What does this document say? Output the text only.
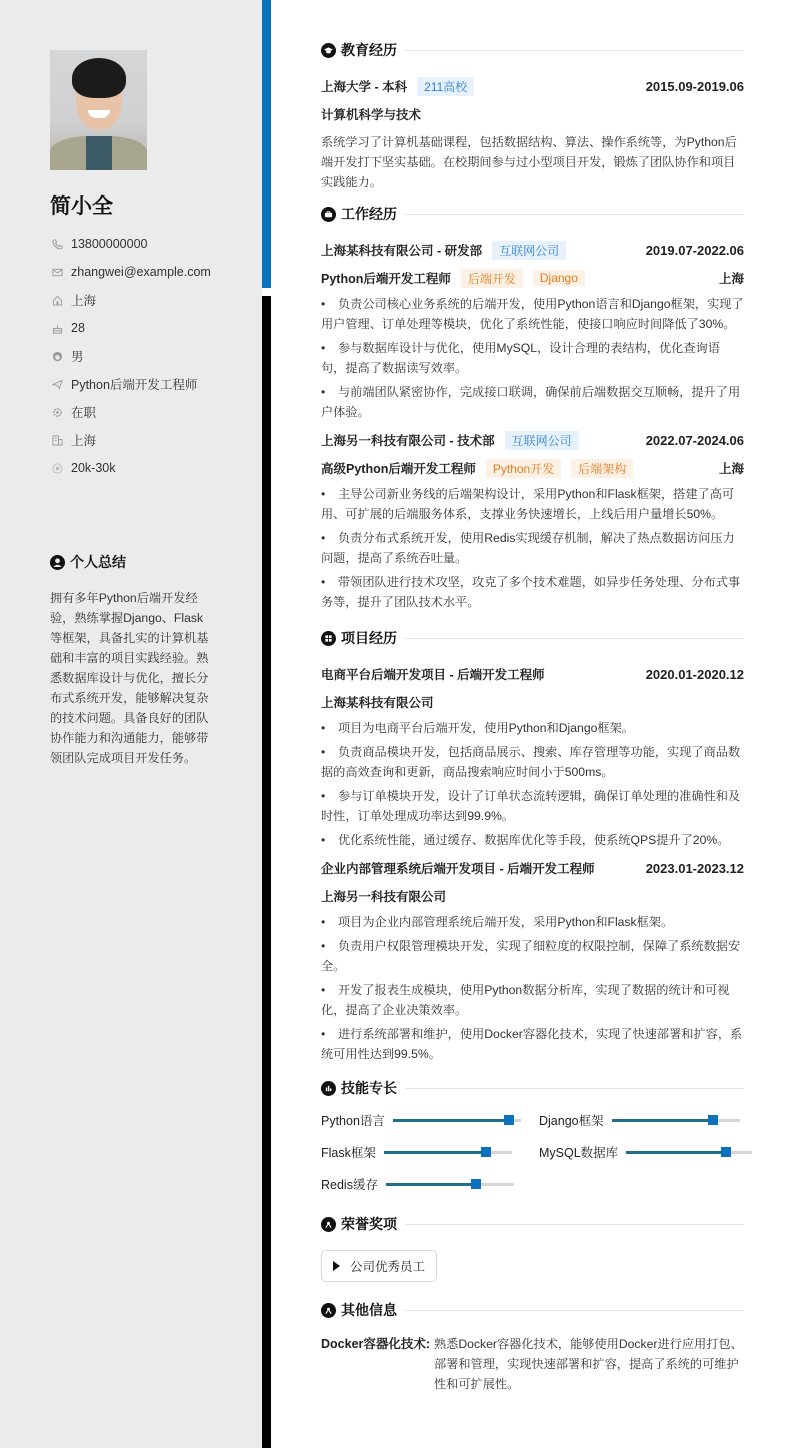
简小全
13800000000
zhangwei@example.com
上海
28
男
Python后端开发工程师
在职
上海
20k-30k
个人总结
拥有多年Python后端开发经验，熟练掌握Django、Flask等框架，具备扎实的计算机基础和丰富的项目实践经验。熟悉数据库设计与优化，擅长分布式系统开发，能够解决复杂的技术问题。具备良好的团队协作能力和沟通能力，能够带领团队完成项目开发任务。
教育经历
上海大学 - 本科	211高校	2015.09-2019.06
计算机科学与技术
系统学习了计算机基础课程，包括数据结构、算法、操作系统等，为Python后端开发打下坚实基础。在校期间参与过小型项目开发，锻炼了团队协作和项目实践能力。
工作经历
上海某科技有限公司 - 研发部	互联网公司	2019.07-2022.06
Python后端开发工程师	后端开发	Django	上海
• 负责公司核心业务系统的后端开发，使用Python语言和Django框架，实现了用户管理、订单处理等模块，优化了系统性能，使接口响应时间降低了30%。
• 参与数据库设计与优化，使用MySQL，设计合理的表结构，优化查询语句，提高了数据读写效率。
• 与前端团队紧密协作，完成接口联调，确保前后端数据交互顺畅，提升了用户体验。
上海另一科技有限公司 - 技术部	互联网公司	2022.07-2024.06
高级Python后端开发工程师	Python开发	后端架构	上海
• 主导公司新业务线的后端架构设计，采用Python和Flask框架，搭建了高可用、可扩展的后端服务体系，支撑业务快速增长，上线后用户量增长50%。
• 负责分布式系统开发，使用Redis实现缓存机制，解决了热点数据访问压力问题，提高了系统吞吐量。
• 带领团队进行技术攻坚，攻克了多个技术难题，如异步任务处理、分布式事务等，提升了团队技术水平。
项目经历
电商平台后端开发项目 - 后端开发工程师	2020.01-2020.12
上海某科技有限公司
• 项目为电商平台后端开发，使用Python和Django框架。
• 负责商品模块开发，包括商品展示、搜索、库存管理等功能，实现了商品数据的高效查询和更新，商品搜索响应时间小于500ms。
• 参与订单模块开发，设计了订单状态流转逻辑，确保订单处理的准确性和及时性，订单处理成功率达到99.9%。
• 优化系统性能，通过缓存、数据库优化等手段，使系统QPS提升了20%。
企业内部管理系统后端开发项目 - 后端开发工程师	2023.01-2023.12
上海另一科技有限公司
• 项目为企业内部管理系统后端开发，采用Python和Flask框架。
• 负责用户权限管理模块开发，实现了细粒度的权限控制，保障了系统数据安全。
• 开发了报表生成模块，使用Python数据分析库，实现了数据的统计和可视化，提高了企业决策效率。
• 进行系统部署和维护，使用Docker容器化技术，实现了快速部署和扩容，系统可用性达到99.5%。
技能专长
Python语言	Django框架
Flask框架	MySQL数据库
Redis缓存
荣誉奖项
公司优秀员工
其他信息
Docker容器化技术: 熟悉Docker容器化技术，能够使用Docker进行应用打包、部署和管理，实现快速部署和扩容，提高了系统的可维护性和可扩展性。
